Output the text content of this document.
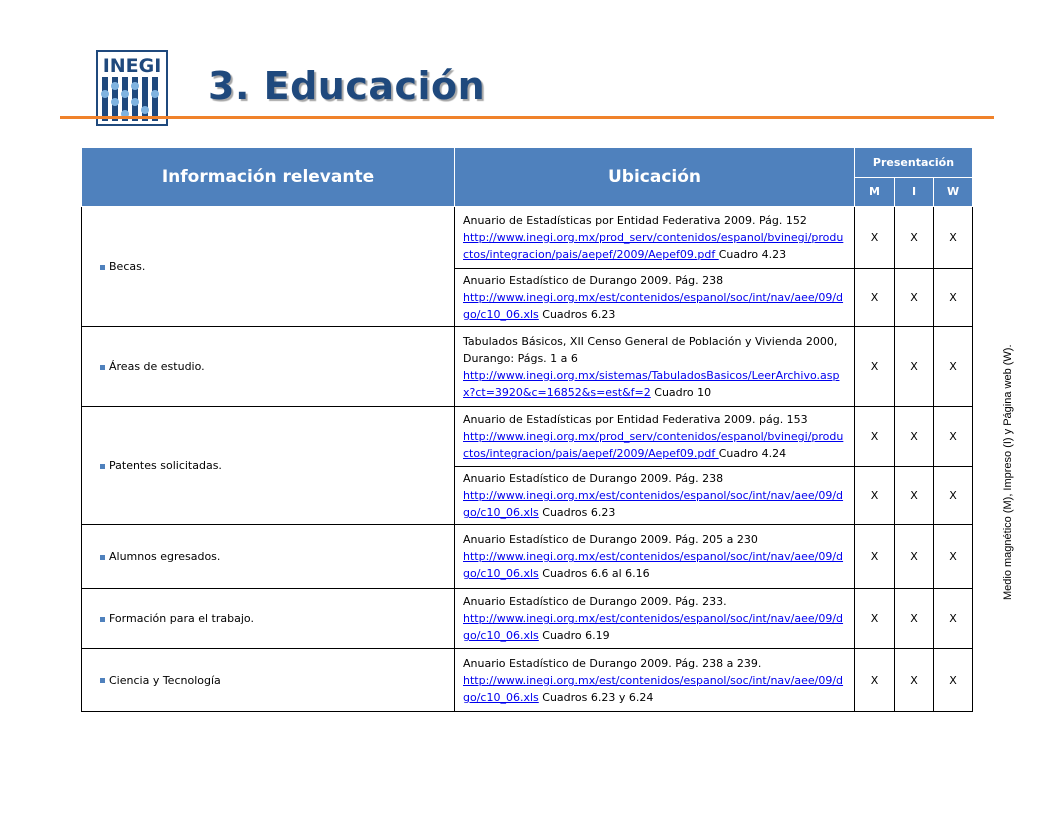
INEGI 3. Educación
Información relevante	Ubicación	Presentación		
		M	I	W
Becas.	Anuario de Estadísticas por Entidad Federativa 2009. Pág. 152
http://www.inegi.org.mx/prod_serv/contenidos/espanol/bvinegi/productos/integracion/pais/aepef/2009/Aepef09.pdf Cuadro 4.23	X	X	X
	Anuario Estadístico de Durango 2009. Pág. 238
http://www.inegi.org.mx/est/contenidos/espanol/soc/int/nav/aee/09/dgo/c10_06.xls Cuadros 6.23	X	X	X
Áreas de estudio.	Tabulados Básicos, XII Censo General de Población y Vivienda 2000, Durango: Págs. 1 a 6
http://www.inegi.org.mx/sistemas/TabuladosBasicos/LeerArchivo.aspx?ct=3920&c=16852&s=est&f=2 Cuadro 10	X	X	X
Patentes solicitadas.	Anuario de Estadísticas por Entidad Federativa 2009. pág. 153
http://www.inegi.org.mx/prod_serv/contenidos/espanol/bvinegi/productos/integracion/pais/aepef/2009/Aepef09.pdf Cuadro 4.24	X	X	X
	Anuario Estadístico de Durango 2009. Pág. 238
http://www.inegi.org.mx/est/contenidos/espanol/soc/int/nav/aee/09/dgo/c10_06.xls Cuadros 6.23	X	X	X
Alumnos egresados.	Anuario Estadístico de Durango 2009. Pág. 205 a 230
http://www.inegi.org.mx/est/contenidos/espanol/soc/int/nav/aee/09/dgo/c10_06.xls Cuadros 6.6 al 6.16	X	X	X
Formación para el trabajo.	Anuario Estadístico de Durango 2009. Pág. 233.
http://www.inegi.org.mx/est/contenidos/espanol/soc/int/nav/aee/09/dgo/c10_06.xls Cuadro 6.19	X	X	X
Ciencia y Tecnología	Anuario Estadístico de Durango 2009. Pág. 238 a 239.
http://www.inegi.org.mx/est/contenidos/espanol/soc/int/nav/aee/09/dgo/c10_06.xls Cuadros 6.23 y 6.24	X	X	X
Medio magnético (M), Impreso (I) y Página web (W).
